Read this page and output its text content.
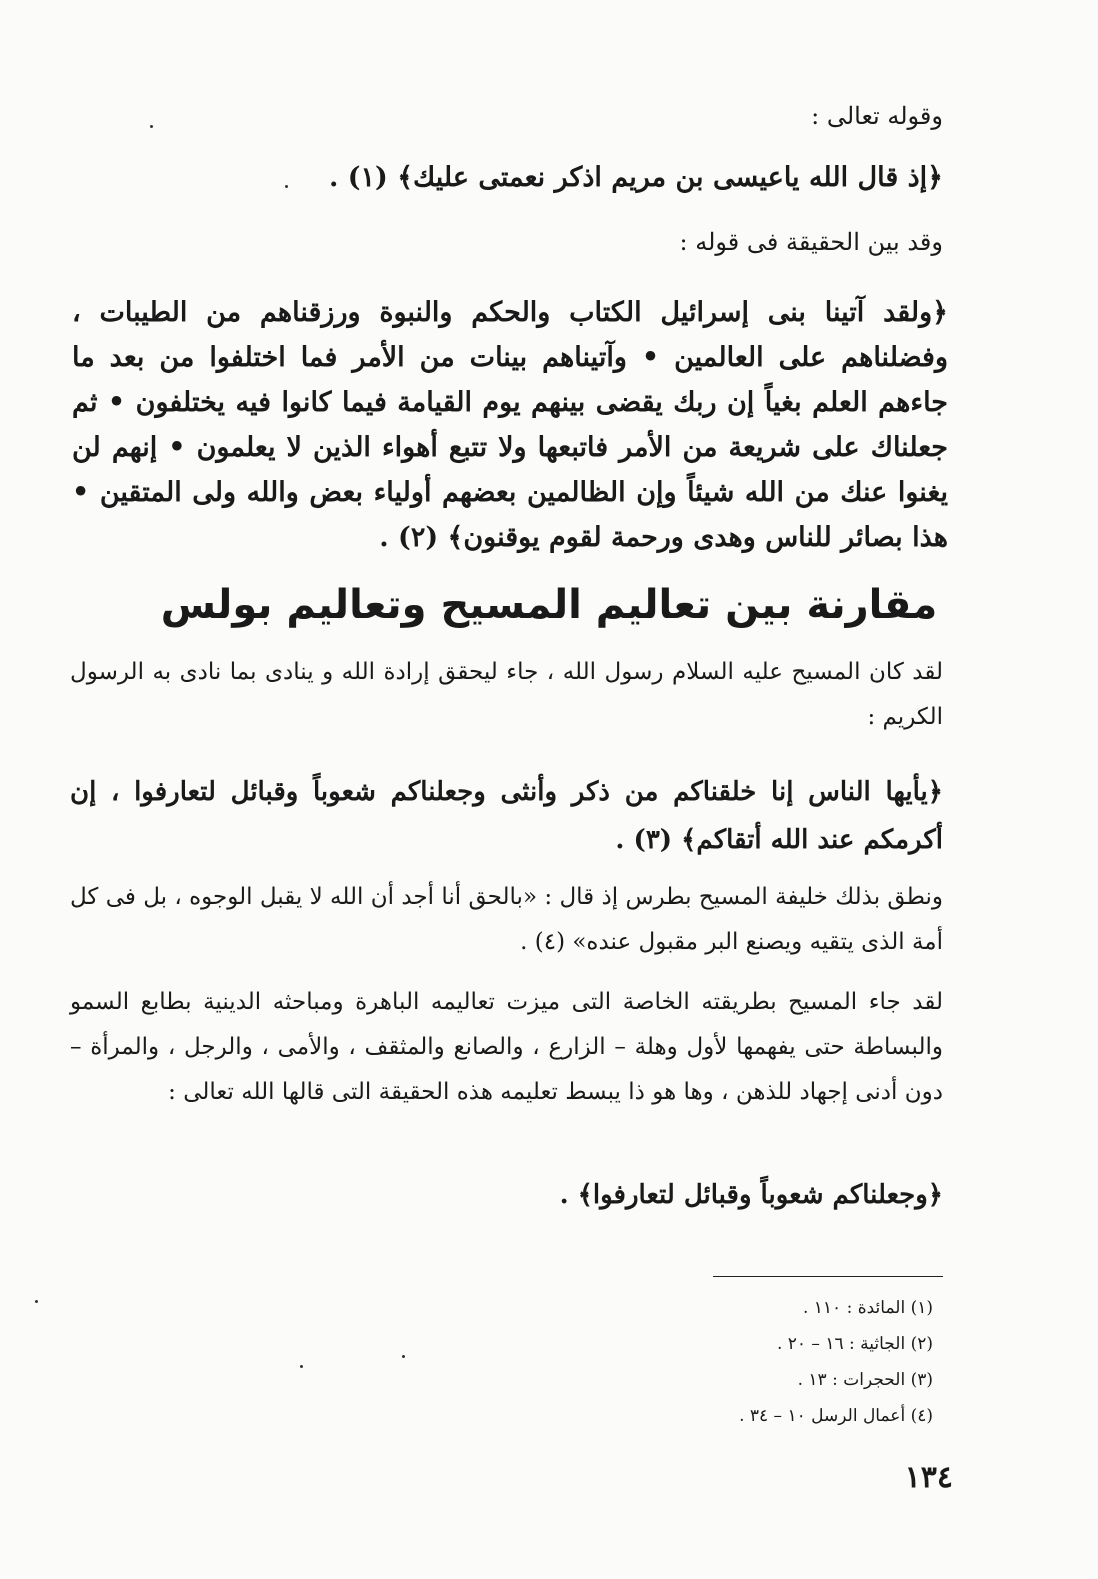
وقوله تعالى :
﴿إذ قال الله ياعيسى بن مريم اذكر نعمتى عليك﴾ (١) .
وقد بين الحقيقة فى قوله :
﴿ولقد آتينا بنى إسرائيل الكتاب والحكم والنبوة ورزقناهم من الطيبات ، وفضلناهم على العالمين • وآتيناهم بينات من الأمر فما اختلفوا من بعد ما جاءهم العلم بغياً إن ربك يقضى بينهم يوم القيامة فيما كانوا فيه يختلفون • ثم جعلناك على شريعة من الأمر فاتبعها ولا تتبع أهواء الذين لا يعلمون • إنهم لن يغنوا عنك من الله شيئاً وإن الظالمين بعضهم أولياء بعض والله ولى المتقين • هذا بصائر للناس وهدى ورحمة لقوم يوقنون﴾ (٢) .
مقارنة بين تعاليم المسيح وتعاليم بولس
لقد كان المسيح عليه السلام رسول الله ، جاء ليحقق إرادة الله و ينادى بما نادى به الرسول الكريم :
﴿يأيها الناس إنا خلقناكم من ذكر وأنثى وجعلناكم شعوباً وقبائل لتعارفوا ، إن أكرمكم عند الله أتقاكم﴾ (٣) .
ونطق بذلك خليفة المسيح بطرس إذ قال : «بالحق أنا أجد أن الله لا يقبل الوجوه ، بل فى كل أمة الذى يتقيه ويصنع البر مقبول عنده» (٤) .
لقد جاء المسيح بطريقته الخاصة التى ميزت تعاليمه الباهرة ومباحثه الدينية بطابع السمو والبساطة حتى يفهمها لأول وهلة – الزارع ، والصانع والمثقف ، والأمى ، والرجل ، والمرأة – دون أدنى إجهاد للذهن ، وها هو ذا يبسط تعليمه هذه الحقيقة التى قالها الله تعالى :
﴿وجعلناكم شعوباً وقبائل لتعارفوا﴾ .
(١) المائدة : ١١٠ .
(٢) الجاثية : ١٦ – ٢٠ .
(٣) الحجرات : ١٣ .
(٤) أعمال الرسل ١٠ – ٣٤ .
١٣٤
